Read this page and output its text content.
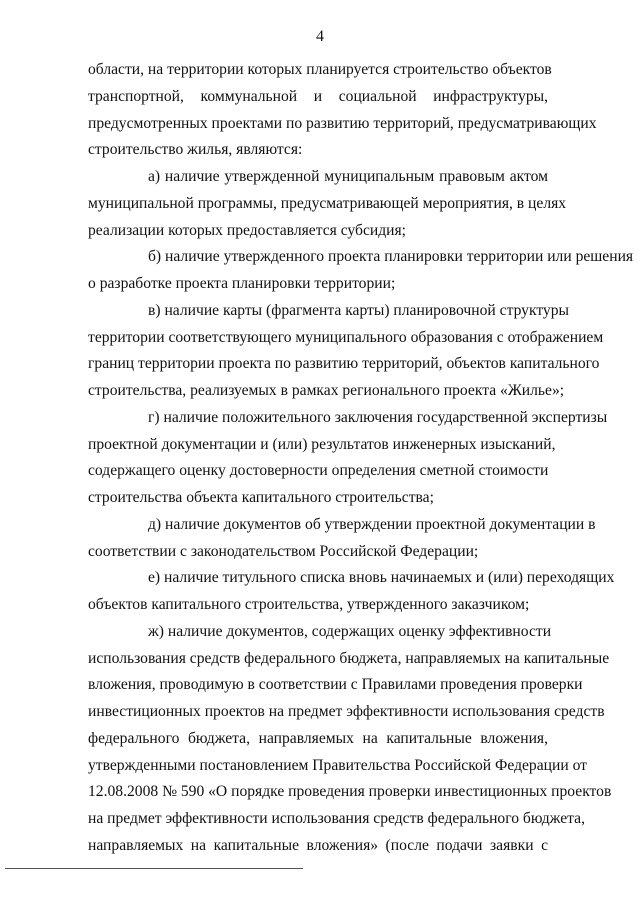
4
области, на территории которых планируется строительство объектов
транспортной, коммунальной и социальной инфраструктуры,
предусмотренных проектами по развитию территорий, предусматривающих
строительство жилья, являются:
а) наличие утвержденной муниципальным правовым актом
муниципальной программы, предусматривающей мероприятия, в целях
реализации которых предоставляется субсидия;
б) наличие утвержденного проекта планировки территории или решения
о разработке проекта планировки территории;
в) наличие карты (фрагмента карты) планировочной структуры
территории соответствующего муниципального образования с отображением
границ территории проекта по развитию территорий, объектов капитального
строительства, реализуемых в рамках регионального проекта «Жилье»;
г) наличие положительного заключения государственной экспертизы
проектной документации и (или) результатов инженерных изысканий,
содержащего оценку достоверности определения сметной стоимости
строительства объекта капитального строительства;
д) наличие документов об утверждении проектной документации в
соответствии с законодательством Российской Федерации;
е) наличие титульного списка вновь начинаемых и (или) переходящих
объектов капитального строительства, утвержденного заказчиком;
ж) наличие документов, содержащих оценку эффективности
использования средств федерального бюджета, направляемых на капитальные
вложения, проводимую в соответствии с Правилами проведения проверки
инвестиционных проектов на предмет эффективности использования средств
федерального бюджета, направляемых на капитальные вложения,
утвержденными постановлением Правительства Российской Федерации от
12.08.2008 № 590 «О порядке проведения проверки инвестиционных проектов
на предмет эффективности использования средств федерального бюджета,
направляемых на капитальные вложения» (после подачи заявки с
